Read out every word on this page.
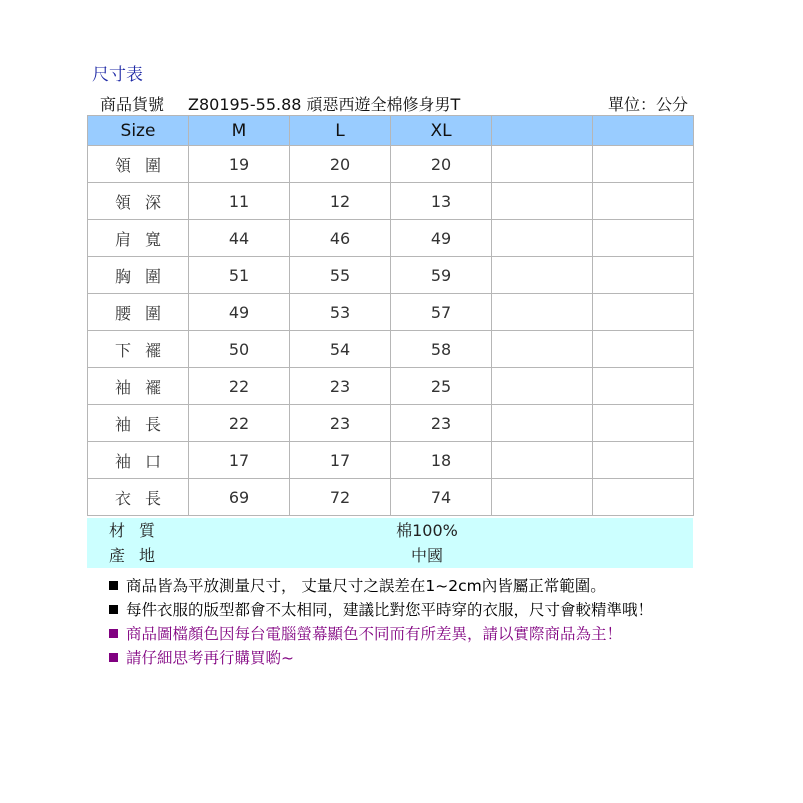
尺寸表
商品貨號 Z80195-55.88 頑惡西遊全棉修身男T	單位：公分
Size	M	L	XL		
領圍	19	20	20		
領深	11	12	13		
肩寬	44	46	49		
胸圍	51	55	59		
腰圍	49	53	57		
下襬	50	54	58		
袖襬	22	23	25		
袖長	22	23	23		
袖口	17	17	18		
衣長	69	72	74		
材質	棉100%
產地	中國
商品皆為平放測量尺寸， 丈量尺寸之誤差在1~2cm內皆屬正常範圍。
每件衣服的版型都會不太相同，建議比對您平時穿的衣服，尺寸會較精準哦！
商品圖檔顏色因每台電腦螢幕顯色不同而有所差異，請以實際商品為主！
請仔細思考再行購買喲~
